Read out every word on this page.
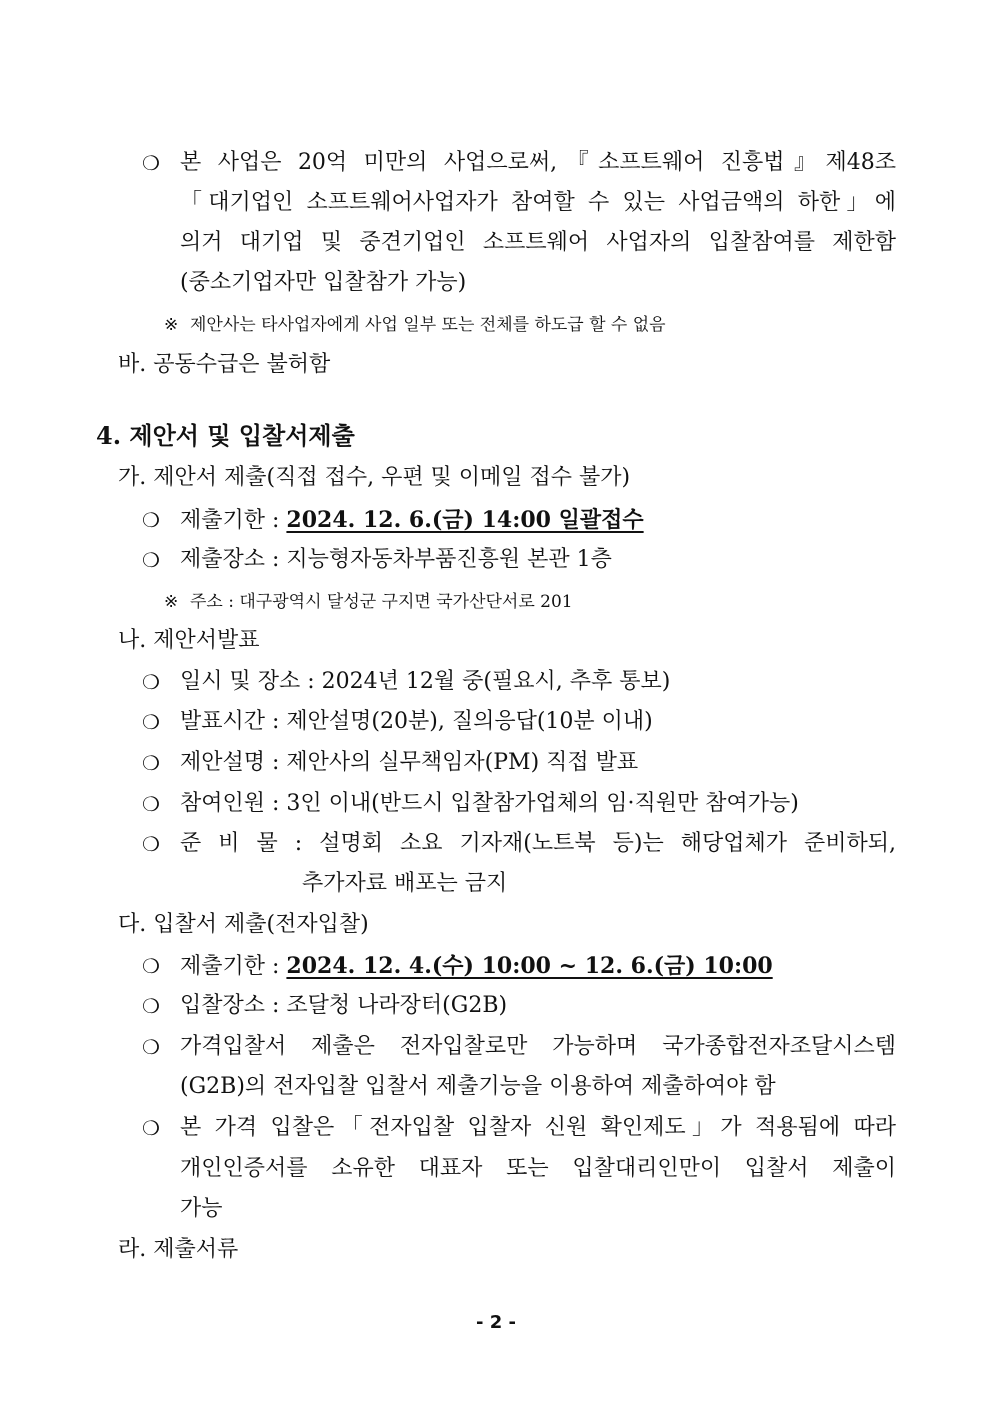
❍ 본 사업은 20억 미만의 사업으로써,『소프트웨어 진흥법』제48조
「대기업인 소프트웨어사업자가 참여할 수 있는 사업금액의 하한」에
의거 대기업 및 중견기업인 소프트웨어 사업자의 입찰참여를 제한함
(중소기업자만 입찰참가 가능)
※ 제안사는 타사업자에게 사업 일부 또는 전체를 하도급 할 수 없음
바. 공동수급은 불허함
4. 제안서 및 입찰서제출
가. 제안서 제출(직접 접수, 우편 및 이메일 접수 불가)
❍ 제출기한 : 2024. 12. 6.(금) 14:00 일괄접수
❍ 제출장소 : 지능형자동차부품진흥원 본관 1층
※ 주소 : 대구광역시 달성군 구지면 국가산단서로 201
나. 제안서발표
❍ 일시 및 장소 : 2024년 12월 중(필요시, 추후 통보)
❍ 발표시간 : 제안설명(20분), 질의응답(10분 이내)
❍ 제안설명 : 제안사의 실무책임자(PM) 직접 발표
❍ 참여인원 : 3인 이내(반드시 입찰참가업체의 임·직원만 참여가능)
❍ 준 비 물 : 설명회 소요 기자재(노트북 등)는 해당업체가 준비하되,
추가자료 배포는 금지
다. 입찰서 제출(전자입찰)
❍ 제출기한 : 2024. 12. 4.(수) 10:00 ~ 12. 6.(금) 10:00
❍ 입찰장소 : 조달청 나라장터(G2B)
❍ 가격입찰서 제출은 전자입찰로만 가능하며 국가종합전자조달시스템
(G2B)의 전자입찰 입찰서 제출기능을 이용하여 제출하여야 함
❍ 본 가격 입찰은「전자입찰 입찰자 신원 확인제도」가 적용됨에 따라
개인인증서를 소유한 대표자 또는 입찰대리인만이 입찰서 제출이
가능
라. 제출서류
- 2 -
